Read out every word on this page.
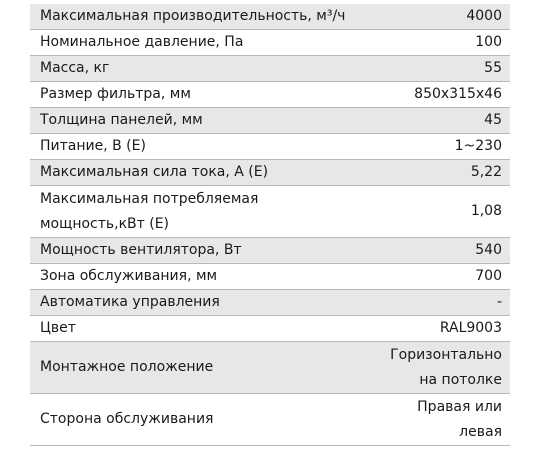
Максимальная производительность, м³/ч	4000
Номинальное давление, Па	100
Масса, кг	55
Размер фильтра, мм	850x315x46
Толщина панелей, мм	45
Питание, В (Е)	1~230
Максимальная сила тока, А (Е)	5,22

Максимальная потребляемая
мощность,кВт (Е)	1,08
Мощность вентилятора, Вт	540
Зона обслуживания, мм	700
Автоматика управления	-
Цвет	RAL9003
Монтажное положение	Горизонтально
на потолке

Сторона обслуживания	Правая или
левая
